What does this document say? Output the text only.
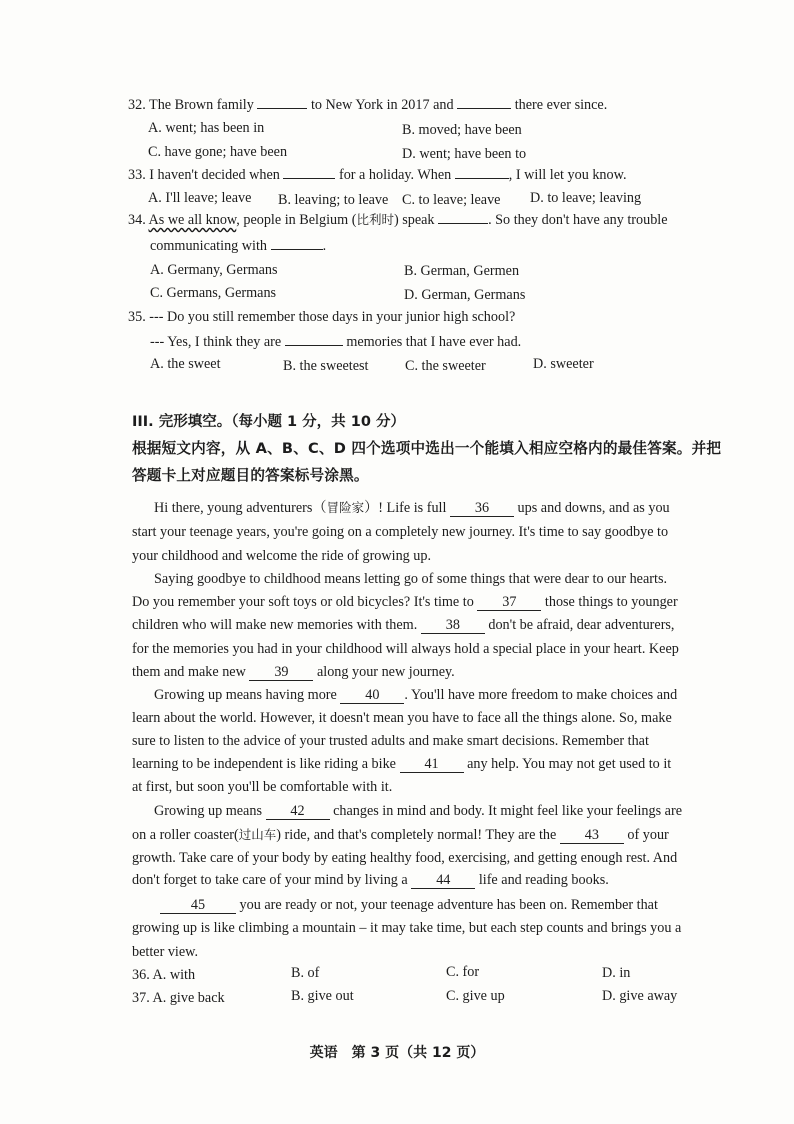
32. The Brown family	to New York in 2017 and	there ever since.
A. went; has been in	B. moved; have been
C. have gone; have been	D. went; have been to
33. I haven't decided when	for a holiday. When	, I will let you know.
A. I'll leave; leave B. leaving; to leave C. to leave; leave D. to leave; leaving
34. As we all know, people in Belgium (比利时) speak	. So they don't have any trouble
communicating with	.
A. Germany, Germans	B. German, Germen
C. Germans, Germans	D. German, Germans
35. --- Do you still remember those days in your junior high school?
--- Yes, I think they are	memories that I have ever had.
A. the sweet	B. the sweetest	C. the sweeter	D. sweeter
III. 完形填空。（每小题 1 分，共 10 分）
根据短文内容，从 A、B、C、D 四个选项中选出一个能填入相应空格内的最佳答案。并把
答题卡上对应题目的答案标号涂黑。
Hi there, young adventurers（冒险家）! Life is full 36 ups and downs, and as you
start your teenage years, you're going on a completely new journey. It's time to say goodbye to
your childhood and welcome the ride of growing up.
Saying goodbye to childhood means letting go of some things that were dear to our hearts.
Do you remember your soft toys or old bicycles? It's time to 37 those things to younger
children who will make new memories with them. 38 don't be afraid, dear adventurers,
for the memories you had in your childhood will always hold a special place in your heart. Keep
them and make new 39 along your new journey.
Growing up means having more 40 . You'll have more freedom to make choices and
learn about the world. However, it doesn't mean you have to face all the things alone. So, make
sure to listen to the advice of your trusted adults and make smart decisions. Remember that
learning to be independent is like riding a bike 41 any help. You may not get used to it
at first, but soon you'll be comfortable with it.
Growing up means 42 changes in mind and body. It might feel like your feelings are
on a roller coaster(过山车) ride, and that's completely normal! They are the 43 of your
growth. Take care of your body by eating healthy food, exercising, and getting enough rest. And
don't forget to take care of your mind by living a 44 life and reading books.
45 you are ready or not, your teenage adventure has been on. Remember that
growing up is like climbing a mountain – it may take time, but each step counts and brings you a
better view.
36. A. with	B. of	C. for	D. in
37. A. give back	B. give out	C. give up	D. give away
英语　第 3 页（共 12 页）
